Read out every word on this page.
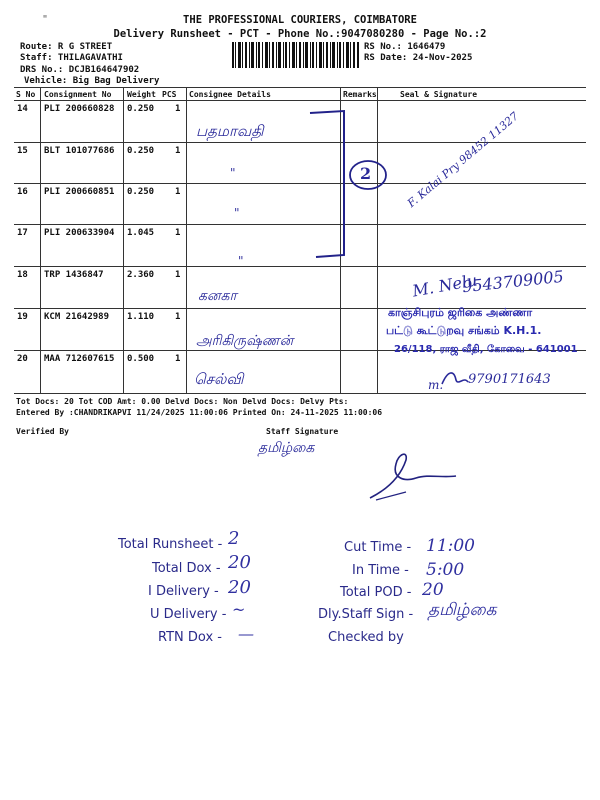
THE PROFESSIONAL COURIERS, COIMBATORE
Delivery Runsheet - PCT - Phone No.:9047080280 - Page No.:2
Route: R G STREET
Staff: THILAGAVATHI
DRS No.: DCJB164647902
Vehicle: Big Bag Delivery
RS No.: 1646479
RS Date: 24-Nov-2025
"
S No Consignment No Weight PCS Consignee Details	Remarks	Seal & Signature
14 PLI 200660828 0.250 1
பதமாவதி
15 BLT 101077686 0.250 1
"
16 PLI 200660851 0.250 1
"
17 PLI 200633904 1.045 1
"
18 TRP 1436847	2.360 1
கனகா
19 KCM 21642989 1.110 1
அரிகிருஷ்ணன்
20 MAA 712607615 0.500 1
செல்வி
2	F. Kalai Pry 98452 11327
M. Nelu
9543709005
காஞ்சிபுரம் ஜரிகை அண்ணா
பட்டு கூட்டுறவு சங்கம் K.H.1.
26/118, ராஜ வீதி, கோவை - 641001
m. 9790171643
Tot Docs: 20 Tot COD Amt: 0.00 Delvd Docs: Non Delvd Docs: Delvy Pts:
Entered By :CHANDRIKAPVI 11/24/2025 11:00:06 Printed On: 24-11-2025 11:00:06
Verified By	Staff Signature
தமிழ்கை
Total Runsheet - 2
Total Dox - 20
I Delivery - 20
U Delivery - ~
RTN Dox - —
Cut Time - 11:00
In Time - 5:00
Total POD - 20
Dly.Staff Sign - தமிழ்கை
Checked by
